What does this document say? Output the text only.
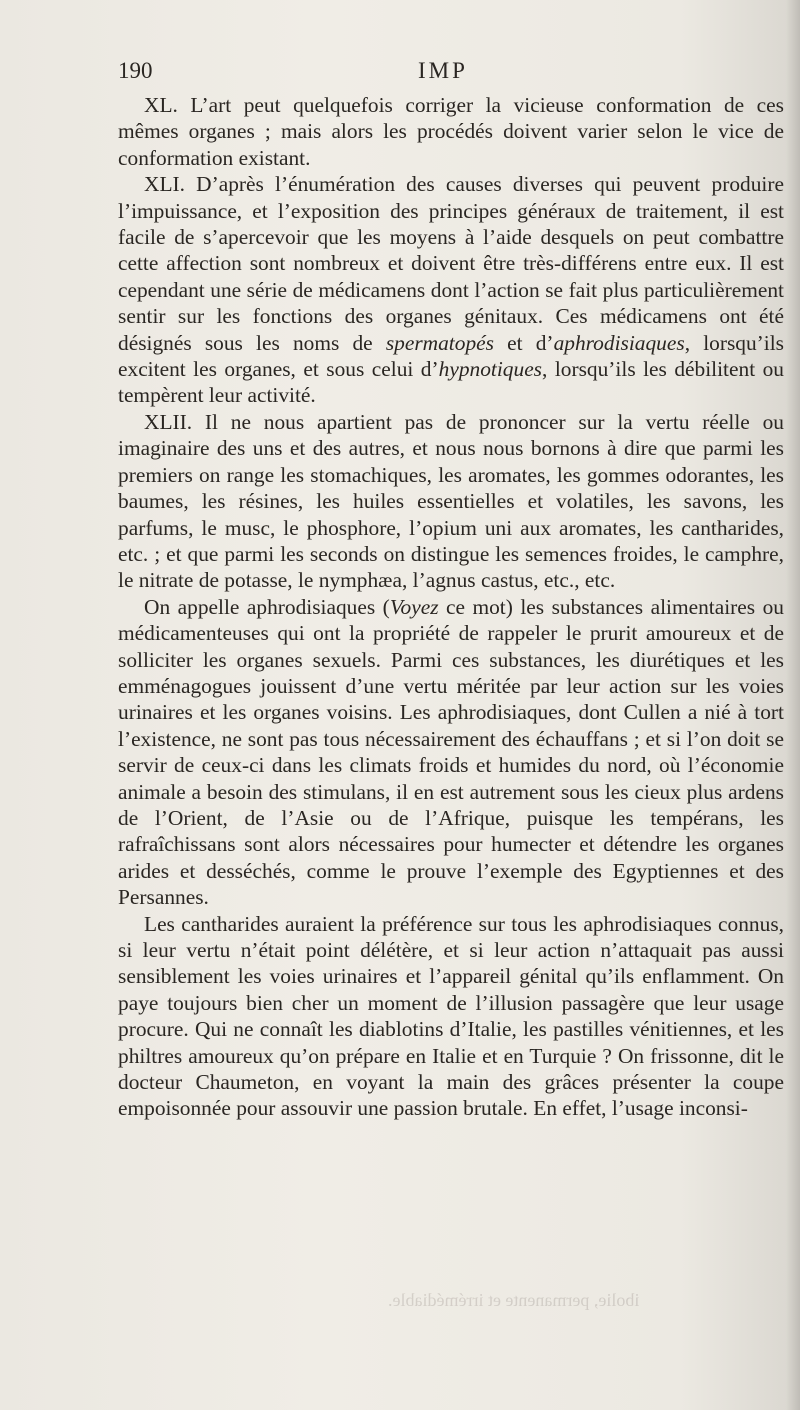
190	IMP

XL. L’art peut quelquefois corriger la vicieuse conformation de ces mêmes organes ; mais alors les procédés doivent varier selon le vice de conformation existant.

XLI. D’après l’énumération des causes diverses qui peuvent produire l’impuissance, et l’exposition des principes généraux de traitement, il est facile de s’apercevoir que les moyens à l’aide desquels on peut combattre cette affection sont nombreux et doivent être très-différens entre eux. Il est cependant une série de médicamens dont l’action se fait plus particulièrement sentir sur les fonctions des organes génitaux. Ces médicamens ont été désignés sous les noms de spermatopés et d’aphrodisiaques, lorsqu’ils excitent les organes, et sous celui d’hypnotiques, lorsqu’ils les débilitent ou tempèrent leur activité.

XLII. Il ne nous apartient pas de prononcer sur la vertu réelle ou imaginaire des uns et des autres, et nous nous bornons à dire que parmi les premiers on range les stomachiques, les aromates, les gommes odorantes, les baumes, les résines, les huiles essentielles et volatiles, les savons, les parfums, le musc, le phosphore, l’opium uni aux aromates, les cantharides, etc. ; et que parmi les seconds on distingue les semences froides, le camphre, le nitrate de potasse, le nymphæa, l’agnus castus, etc., etc.

On appelle aphrodisiaques (Voyez ce mot) les substances alimentaires ou médicamenteuses qui ont la propriété de rappeler le prurit amoureux et de solliciter les organes sexuels. Parmi ces substances, les diurétiques et les emménagogues jouissent d’une vertu méritée par leur action sur les voies urinaires et les organes voisins. Les aphrodisiaques, dont Cullen a nié à tort l’existence, ne sont pas tous nécessairement des échauffans ; et si l’on doit se servir de ceux-ci dans les climats froids et humides du nord, où l’économie animale a besoin des stimulans, il en est autrement sous les cieux plus ardens de l’Orient, de l’Asie ou de l’Afrique, puisque les tempérans, les rafraîchissans sont alors nécessaires pour humecter et détendre les organes arides et desséchés, comme le prouve l’exemple des Egyptiennes et des Persannes.

Les cantharides auraient la préférence sur tous les aphrodisiaques connus, si leur vertu n’était point délétère, et si leur action n’attaquait pas aussi sensiblement les voies urinaires et l’appareil génital qu’ils enflamment. On paye toujours bien cher un moment de l’illusion passagère que leur usage procure. Qui ne connaît les diablotins d’Italie, les pastilles vénitiennes, et les philtres amoureux qu’on prépare en Italie et en Turquie ? On frissonne, dit le docteur Chaumeton, en voyant la main des grâces présenter la coupe empoisonnée pour assouvir une passion brutale. En effet, l’usage inconsi-

ibolie, permanente et irrémédiable.
